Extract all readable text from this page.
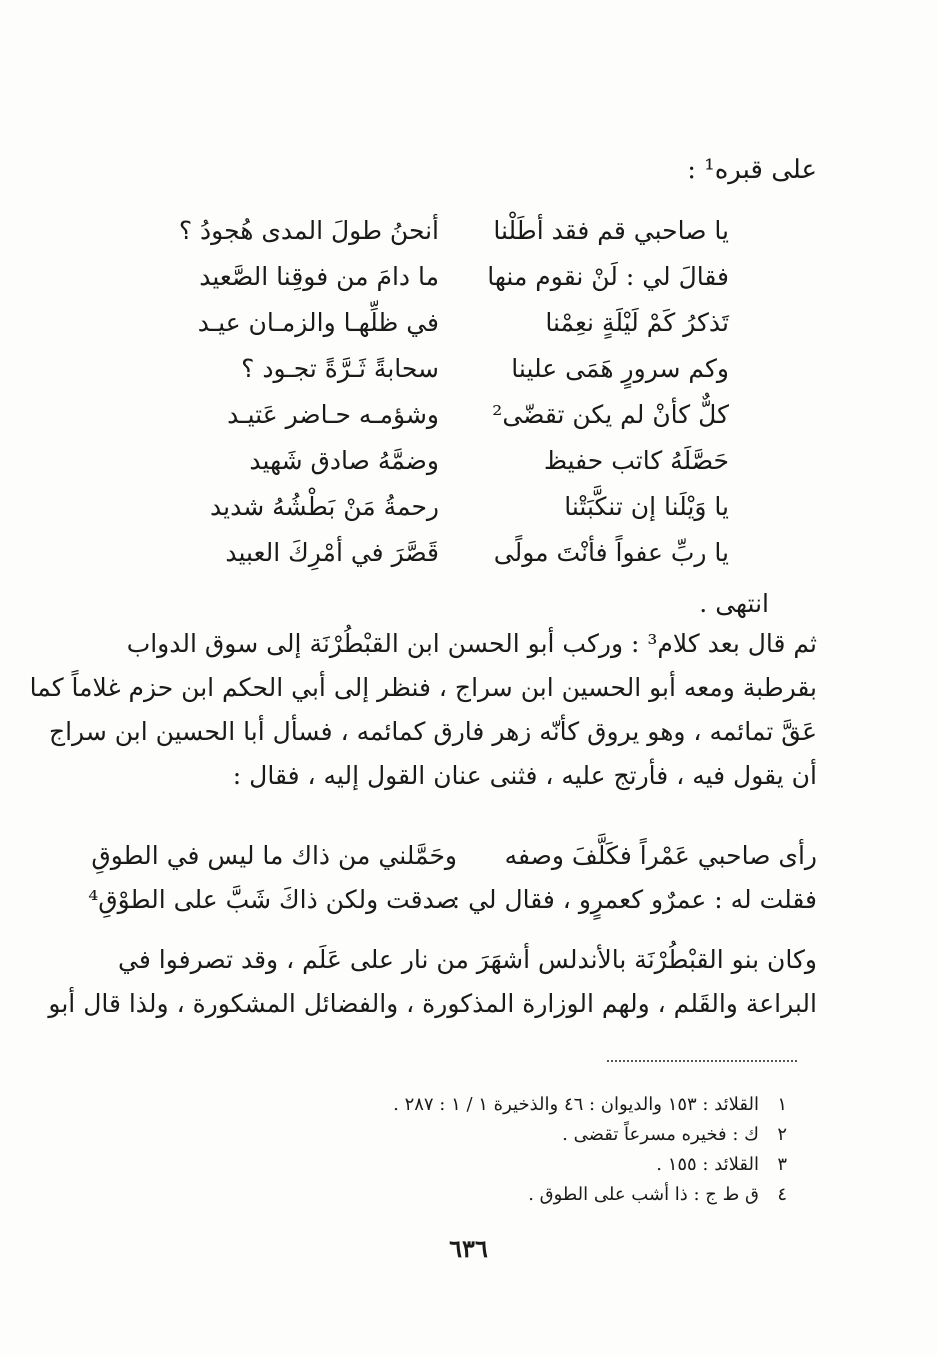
على قبره¹ :
يا صاحبي قم فقد أطَلْنا
أنحنُ طولَ المدى هُجودُ ؟
فقالَ لي : لَنْ نقوم منها
ما دامَ من فوقِنا الصَّعيد
تَذكرُ كَمْ لَيْلَةٍ نعِمْنا
في ظلِّهـا والزمـان عيـد
وكم سرورٍ هَمَى علينا
سحابةً ثَـرَّةً تجـود ؟
كلٌّ كأنْ لم يكن تقضّى²
وشؤمـه حـاضر عَتيـد
حَصَّلَهُ كاتب حفيظ
وضمَّهُ صادق شَهيد
يا وَيْلَنا إن تنكَّبَتْنا
رحمةُ مَنْ بَطْشُهُ شديد
يا ربِّ عفواً فأنْتَ مولًى
قَصَّرَ في أمْرِكَ العبيد
انتهى .

ثم قال بعد كلام³ : وركب أبو الحسن ابن القبْطُرْنَة إلى سوق الدواب

بقرطبة ومعه أبو الحسين ابن سراج ، فنظر إلى أبي الحكم ابن حزم غلاماً كما

عَقَّ تمائمه ، وهو يروق كأنّه زهر فارق كمائمه ، فسأل أبا الحسين ابن سراج

أن يقول فيه ، فأرتج عليه ، فثنى عنان القول إليه ، فقال :

رأى صاحبي عَمْراً فكَلَّفَ وصفه
وحَمَّلني من ذاك ما ليس في الطوقِ
فقلت له : عمرٌو كعمرٍو ، فقال لي :
صدقت ولكن ذاكَ شَبَّ على الطوْقِ⁴

وكان بنو القبْطُرْنَة بالأندلس أشهَرَ من نار على عَلَم ، وقد تصرفوا في

البراعة والقَلم ، ولهم الوزارة المذكورة ، والفضائل المشكورة ، ولذا قال أبو

١
القلائد : ١٥٣ والديوان : ٤٦ والذخيرة ١ / ١ : ٢٨٧ .
٢
ك : فخيره مسرعاً تقضى .
٣
القلائد : ١٥٥ .
٤
ق ط ج : ذا أشب على الطوق .
٦٣٦
